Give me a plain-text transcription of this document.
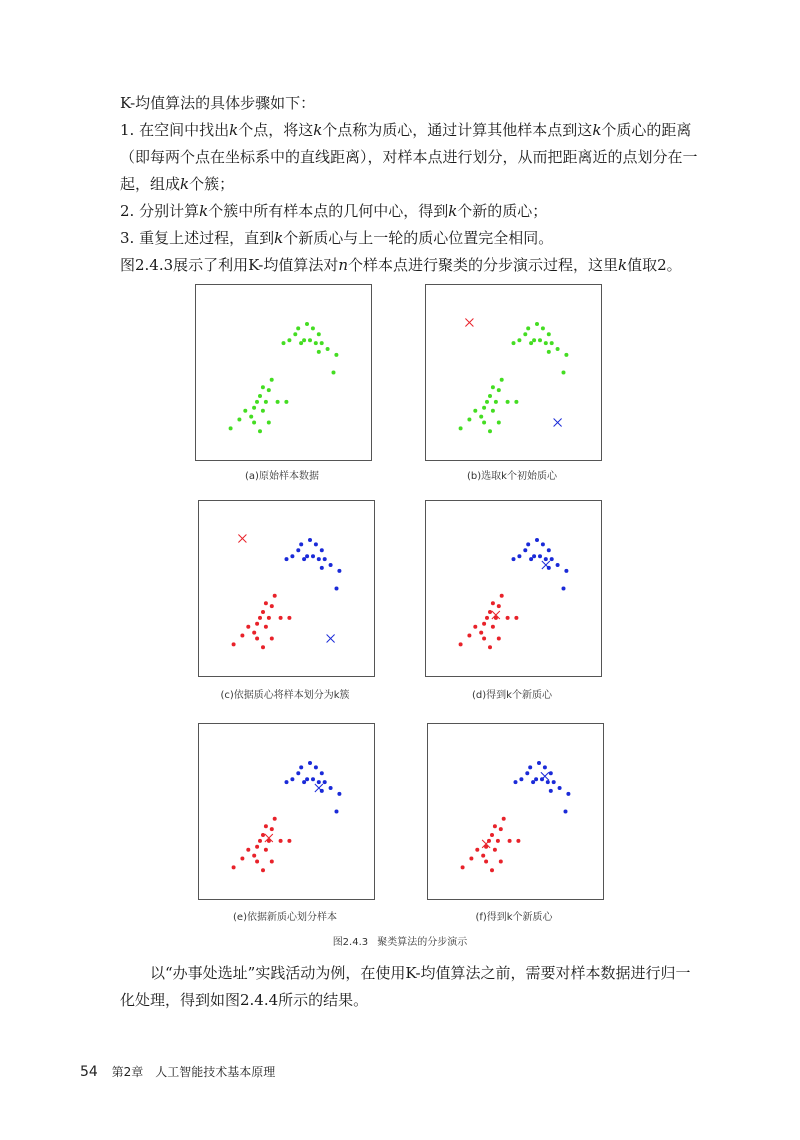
K-均值算法的具体步骤如下：

1. 在空间中找出k个点，将这k个点称为质心，通过计算其他样本点到这k个质心的距离（即每两个点在坐标系中的直线距离），对样本点进行划分，从而把距离近的点划分在一起，组成k个簇；

2. 分别计算k个簇中所有样本点的几何中心，得到k个新的质心；

3. 重复上述过程，直到k个新质心与上一轮的质心位置完全相同。

图2.4.3展示了利用K-均值算法对n个样本点进行聚类的分步演示过程，这里k值取2。

(a)原始样本数据	(b)选取k个初始质心
(c)依据质心将样本划分为k簇	(d)得到k个新质心
(e)依据新质心划分样本	(f)得到k个新质心
图2.4.3 聚类算法的分步演示

以“办事处选址”实践活动为例，在使用K-均值算法之前，需要对样本数据进行归一化处理，得到如图2.4.4所示的结果。

54 第2章　人工智能技术基本原理
